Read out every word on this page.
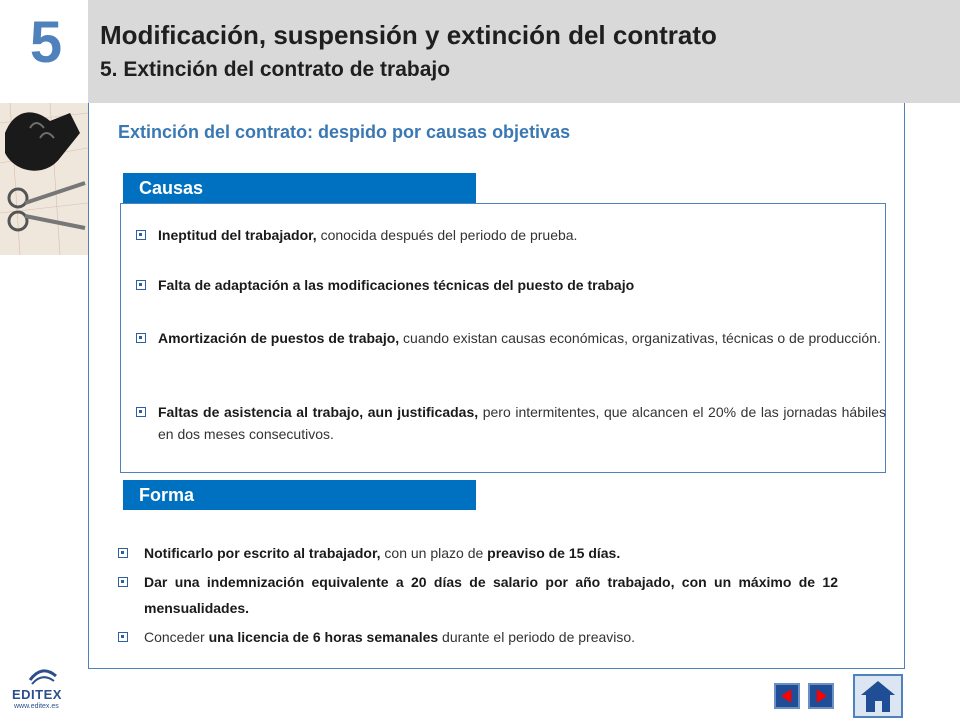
5	Modificación, suspensión y extinción del contrato
5. Extinción del contrato de trabajo
Extinción del contrato: despido por causas objetivas
Causas
Ineptitud del trabajador, conocida después del periodo de prueba.
Falta de adaptación a las modificaciones técnicas del puesto de trabajo
Amortización de puestos de trabajo, cuando existan causas económicas, organizativas, técnicas o de producción.
Faltas de asistencia al trabajo, aun justificadas, pero intermitentes, que alcancen el 20% de las jornadas hábiles en dos meses consecutivos.
Forma
Notificarlo por escrito al trabajador, con un plazo de preaviso de 15 días.
Dar una indemnización equivalente a 20 días de salario por año trabajado, con un máximo de 12 mensualidades.
Conceder una licencia de 6 horas semanales durante el periodo de preaviso.
EDITEX
www.editex.es
